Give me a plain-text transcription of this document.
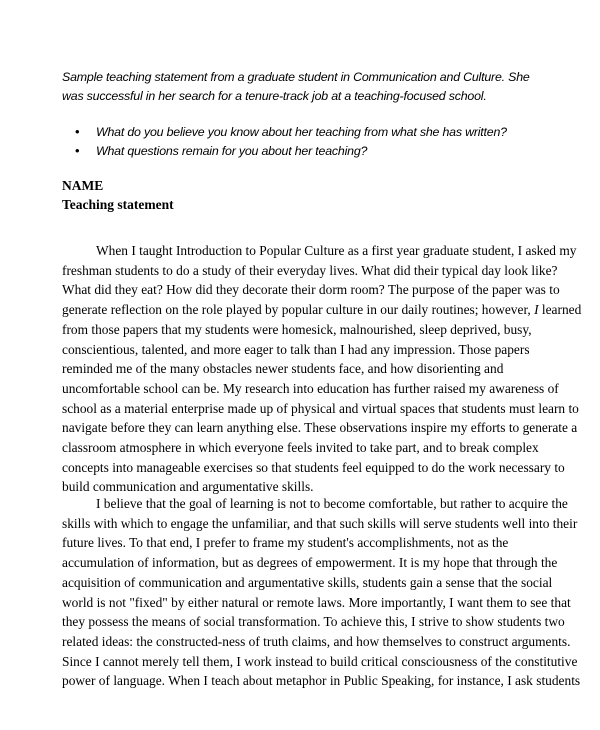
Sample teaching statement from a graduate student in Communication and Culture. She
was successful in her search for a tenure-track job at a teaching-focused school.
• What do you believe you know about her teaching from what she has written?
• What questions remain for you about her teaching?
NAME
Teaching statement
When I taught Introduction to Popular Culture as a first year graduate student, I asked my
freshman students to do a study of their everyday lives. What did their typical day look like?
What did they eat? How did they decorate their dorm room? The purpose of the paper was to
generate reflection on the role played by popular culture in our daily routines; however, I learned
from those papers that my students were homesick, malnourished, sleep deprived, busy,
conscientious, talented, and more eager to talk than I had any impression. Those papers
reminded me of the many obstacles newer students face, and how disorienting and
uncomfortable school can be. My research into education has further raised my awareness of
school as a material enterprise made up of physical and virtual spaces that students must learn to
navigate before they can learn anything else. These observations inspire my efforts to generate a
classroom atmosphere in which everyone feels invited to take part, and to break complex
concepts into manageable exercises so that students feel equipped to do the work necessary to
build communication and argumentative skills.
I believe that the goal of learning is not to become comfortable, but rather to acquire the
skills with which to engage the unfamiliar, and that such skills will serve students well into their
future lives. To that end, I prefer to frame my student's accomplishments, not as the
accumulation of information, but as degrees of empowerment. It is my hope that through the
acquisition of communication and argumentative skills, students gain a sense that the social
world is not "fixed" by either natural or remote laws. More importantly, I want them to see that
they possess the means of social transformation. To achieve this, I strive to show students two
related ideas: the constructed-ness of truth claims, and how themselves to construct arguments.
Since I cannot merely tell them, I work instead to build critical consciousness of the constitutive
power of language. When I teach about metaphor in Public Speaking, for instance, I ask students
